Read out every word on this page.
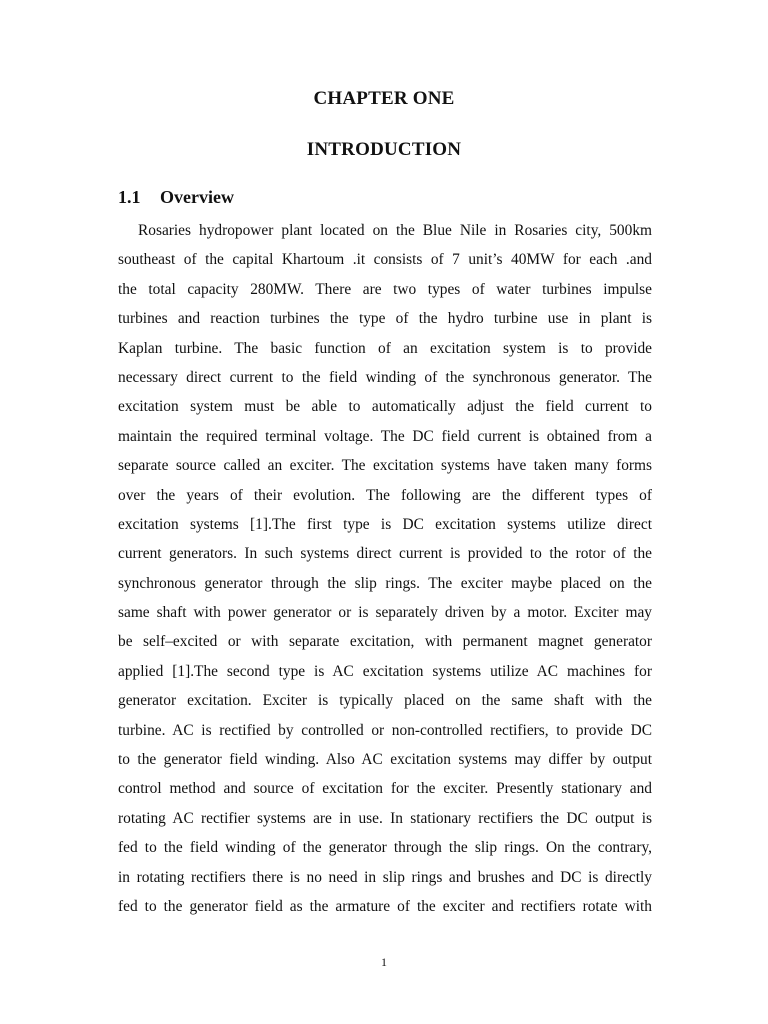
CHAPTER ONE
INTRODUCTION
1.1 Overview
Rosaries hydropower plant located on the Blue Nile in Rosaries city, 500km
southeast of the capital Khartoum .it consists of 7 unit’s 40MW for each .and
the total capacity 280MW. There are two types of water turbines impulse
turbines and reaction turbines the type of the hydro turbine use in plant is
Kaplan turbine. The basic function of an excitation system is to provide
necessary direct current to the field winding of the synchronous generator. The
excitation system must be able to automatically adjust the field current to
maintain the required terminal voltage. The DC field current is obtained from a
separate source called an exciter. The excitation systems have taken many forms
over the years of their evolution. The following are the different types of
excitation systems [1].The first type is DC excitation systems utilize direct
current generators. In such systems direct current is provided to the rotor of the
synchronous generator through the slip rings. The exciter maybe placed on the
same shaft with power generator or is separately driven by a motor. Exciter may
be self–excited or with separate excitation, with permanent magnet generator
applied [1].The second type is AC excitation systems utilize AC machines for
generator excitation. Exciter is typically placed on the same shaft with the
turbine. AC is rectified by controlled or non-controlled rectifiers, to provide DC
to the generator field winding. Also AC excitation systems may differ by output
control method and source of excitation for the exciter. Presently stationary and
rotating AC rectifier systems are in use. In stationary rectifiers the DC output is
fed to the field winding of the generator through the slip rings. On the contrary,
in rotating rectifiers there is no need in slip rings and brushes and DC is directly
fed to the generator field as the armature of the exciter and rectifiers rotate with
1
